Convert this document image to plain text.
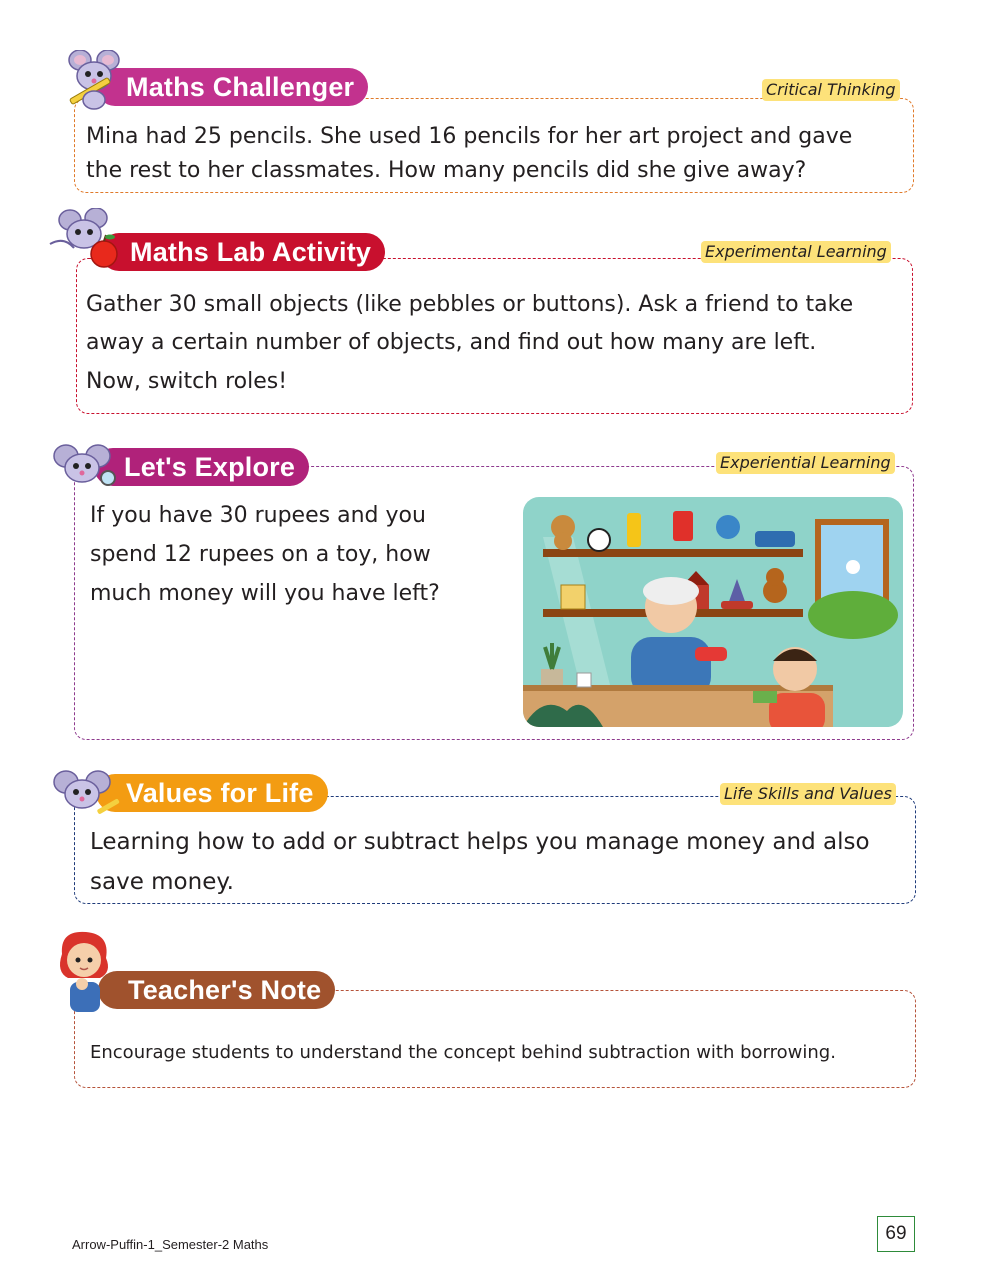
Critical Thinking
Maths Challenger

Mina had 25 pencils. She used 16 pencils for her art project and gave

the rest to her classmates. How many pencils did she give away?

Experimental Learning
Maths Lab Activity

Gather 30 small objects (like pebbles or buttons). Ask a friend to take

away a certain number of objects, and find out how many are left.

Now, switch roles!

Experiential Learning
Let's Explore

If you have 30 rupees and you

spend 12 rupees on a toy, how

much money will you have left?

Life Skills and Values
Values for Life

Learning how to add or subtract helps you manage money and also

save money.

Teacher's Note

Encourage students to understand the concept behind subtraction with borrowing.

Arrow-Puffin-1_Semester-2 Maths
69
